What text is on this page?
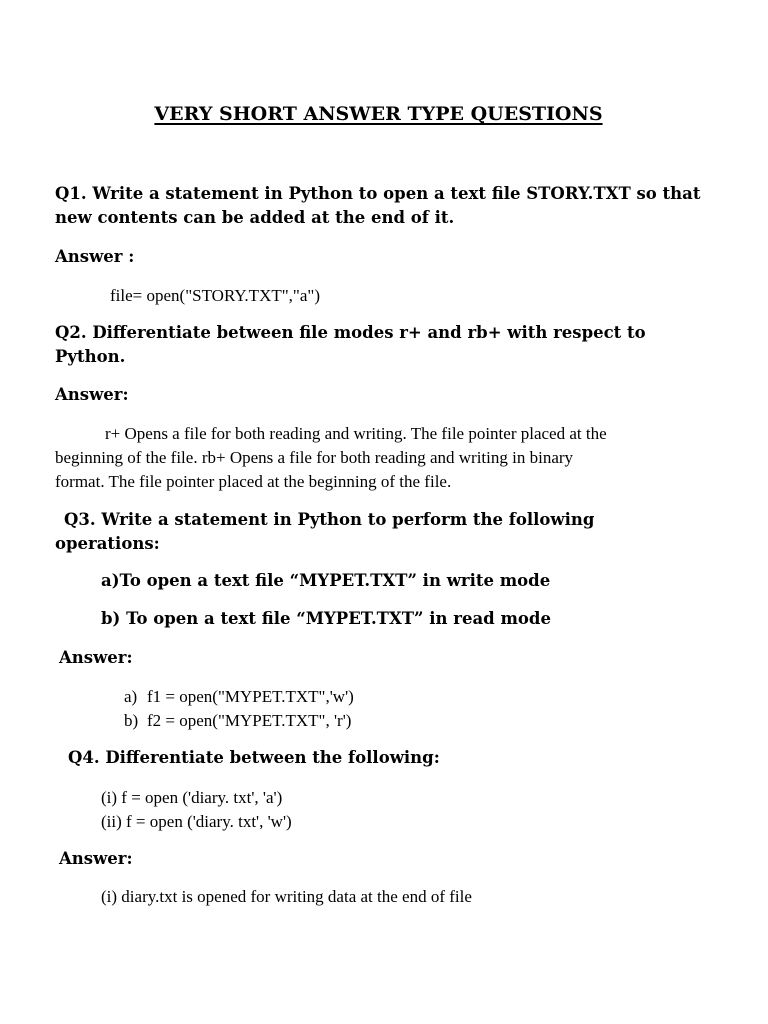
VERY SHORT ANSWER TYPE QUESTIONS

Q1. Write a statement in Python to open a text file STORY.TXT so that

new contents can be added at the end of it.

Answer :

file= open("STORY.TXT","a")

Q2. Differentiate between file modes r+ and rb+ with respect to

Python.

Answer:

r+ Opens a file for both reading and writing. The file pointer placed at the

beginning of the file. rb+ Opens a file for both reading and writing in binary

format. The file pointer placed at the beginning of the file.

Q3. Write a statement in Python to perform the following

operations:

a)To open a text file “MYPET.TXT” in write mode

b) To open a text file “MYPET.TXT” in read mode

Answer:

a) f1 = open("MYPET.TXT",'w')

b) f2 = open("MYPET.TXT", 'r')

Q4. Differentiate between the following:

(i) f = open ('diary. txt', 'a')

(ii) f = open ('diary. txt', 'w')

Answer:

(i) diary.txt is opened for writing data at the end of file
